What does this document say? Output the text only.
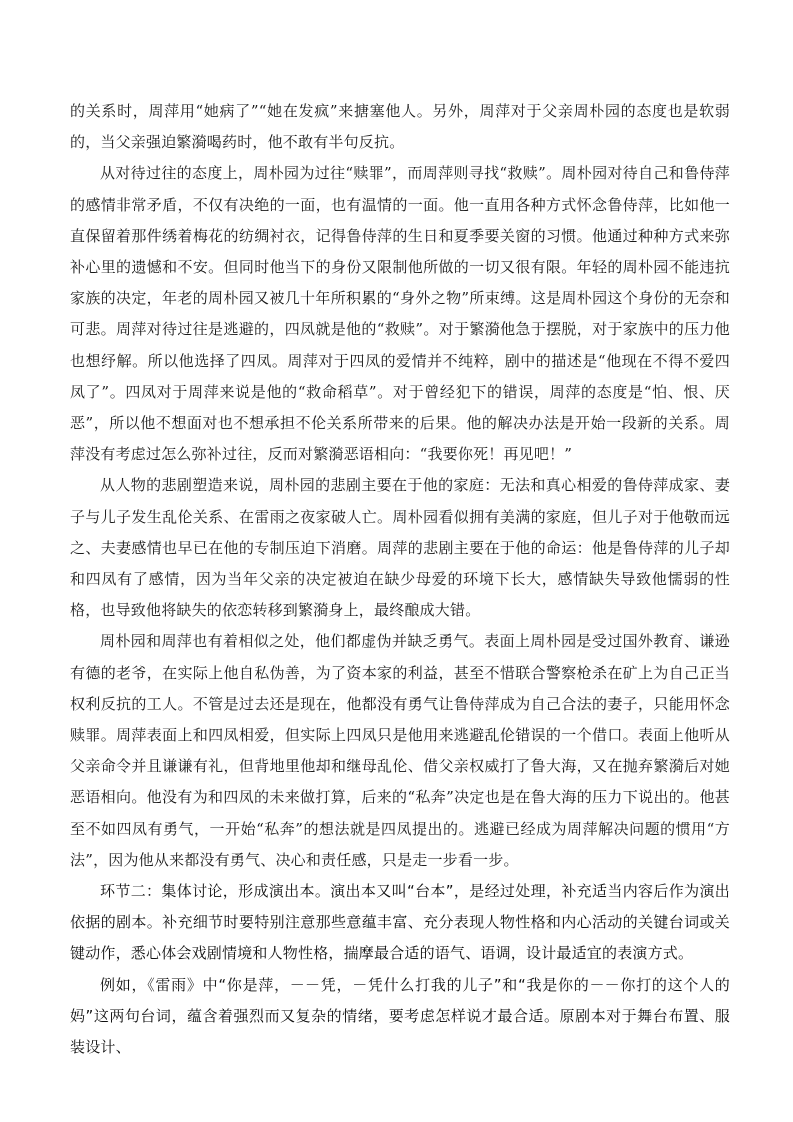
的关系时，周萍用“她病了”“她在发疯”来搪塞他人。另外，周萍对于父亲周朴园的态度也是软弱的，当父亲强迫繁漪喝药时，他不敢有半句反抗。

从对待过往的态度上，周朴园为过往“赎罪”，而周萍则寻找“救赎”。周朴园对待自己和鲁侍萍的感情非常矛盾，不仅有决绝的一面，也有温情的一面。他一直用各种方式怀念鲁侍萍，比如他一直保留着那件绣着梅花的纺绸衬衣，记得鲁侍萍的生日和夏季要关窗的习惯。他通过种种方式来弥补心里的遗憾和不安。但同时他当下的身份又限制他所做的一切又很有限。年轻的周朴园不能违抗家族的决定，年老的周朴园又被几十年所积累的“身外之物”所束缚。这是周朴园这个身份的无奈和可悲。周萍对待过往是逃避的，四凤就是他的“救赎”。对于繁漪他急于摆脱，对于家族中的压力他也想纾解。所以他选择了四凤。周萍对于四凤的爱情并不纯粹，剧中的描述是“他现在不得不爱四凤了”。四凤对于周萍来说是他的“救命稻草”。对于曾经犯下的错误，周萍的态度是“怕、恨、厌恶”，所以他不想面对也不想承担不伦关系所带来的后果。他的解决办法是开始一段新的关系。周萍没有考虑过怎么弥补过往，反而对繁漪恶语相向：“我要你死！再见吧！”

从人物的悲剧塑造来说，周朴园的悲剧主要在于他的家庭：无法和真心相爱的鲁侍萍成家、妻子与儿子发生乱伦关系、在雷雨之夜家破人亡。周朴园看似拥有美满的家庭，但儿子对于他敬而远之、夫妻感情也早已在他的专制压迫下消磨。周萍的悲剧主要在于他的命运：他是鲁侍萍的儿子却和四凤有了感情，因为当年父亲的决定被迫在缺少母爱的环境下长大，感情缺失导致他懦弱的性格，也导致他将缺失的依恋转移到繁漪身上，最终酿成大错。

周朴园和周萍也有着相似之处，他们都虚伪并缺乏勇气。表面上周朴园是受过国外教育、谦逊有德的老爷，在实际上他自私伪善，为了资本家的利益，甚至不惜联合警察枪杀在矿上为自己正当权利反抗的工人。不管是过去还是现在，他都没有勇气让鲁侍萍成为自己合法的妻子，只能用怀念赎罪。周萍表面上和四凤相爱，但实际上四凤只是他用来逃避乱伦错误的一个借口。表面上他听从父亲命令并且谦谦有礼，但背地里他却和继母乱伦、借父亲权威打了鲁大海，又在抛弃繁漪后对她恶语相向。他没有为和四凤的未来做打算，后来的“私奔”决定也是在鲁大海的压力下说出的。他甚至不如四凤有勇气，一开始“私奔”的想法就是四凤提出的。逃避已经成为周萍解决问题的惯用“方法”，因为他从来都没有勇气、决心和责任感，只是走一步看一步。

环节二：集体讨论，形成演出本。演出本又叫“台本”，是经过处理，补充适当内容后作为演出依据的剧本。补充细节时要特别注意那些意蕴丰富、充分表现人物性格和内心活动的关键台词或关键动作，悉心体会戏剧情境和人物性格，揣摩最合适的语气、语调，设计最适宜的表演方式。

例如，《雷雨》中“你是萍，－－凭，－凭什么打我的儿子”和“我是你的－－你打的这个人的妈”这两句台词，蕴含着强烈而又复杂的情绪，要考虑怎样说才最合适。原剧本对于舞台布置、服装设计、
